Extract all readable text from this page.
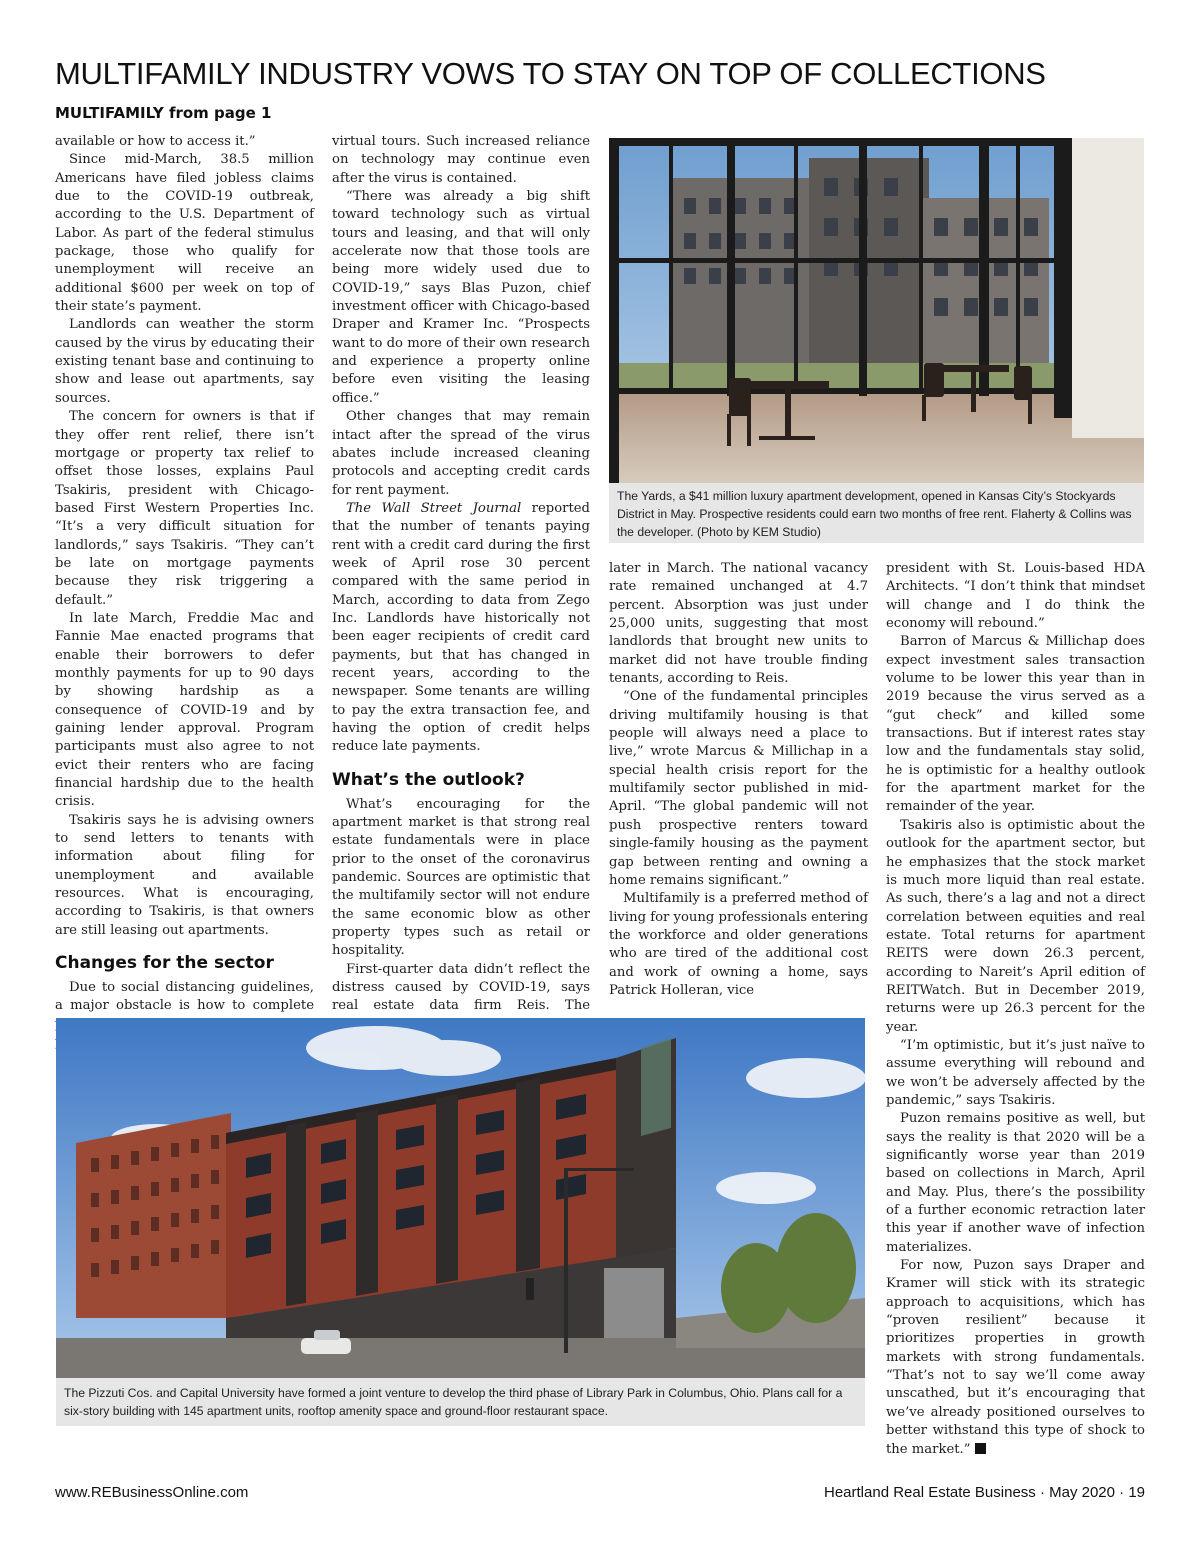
MULTIFAMILY INDUSTRY VOWS TO STAY ON TOP OF COLLECTIONS
MULTIFAMILY from page 1

available or how to access it.”

Since mid-March, 38.5 million Americans have filed jobless claims due to the COVID-19 outbreak, according to the U.S. Department of Labor. As part of the federal stimulus package, those who qualify for unemployment will receive an additional $600 per week on top of their state’s payment.

Landlords can weather the storm caused by the virus by educating their existing tenant base and continuing to show and lease out apartments, say sources.

The concern for owners is that if they offer rent relief, there isn’t mortgage or property tax relief to offset those losses, explains Paul Tsakiris, president with Chicago-based First Western Properties Inc. “It’s a very difficult situation for landlords,” says Tsakiris. “They can’t be late on mortgage payments because they risk triggering a default.”

In late March, Freddie Mac and Fannie Mae enacted programs that enable their borrowers to defer monthly payments for up to 90 days by showing hardship as a consequence of COVID-19 and by gaining lender approval. Program participants must also agree to not evict their renters who are facing financial hardship due to the health crisis.

Tsakiris says he is advising owners to send letters to tenants with information about filing for unemployment and available resources. What is encouraging, according to Tsakiris, is that owners are still leasing out apartments.

Changes for the sector

Due to social distancing guidelines, a major obstacle is how to complete

virtual tours. Such increased reliance on technology may continue even after the virus is contained.

“There was already a big shift toward technology such as virtual tours and leasing, and that will only accelerate now that those tools are being more widely used due to COVID-19,” says Blas Puzon, chief investment officer with Chicago-based Draper and Kramer Inc. “Prospects want to do more of their own research and experience a property online before even visiting the leasing office.”

Other changes that may remain intact after the spread of the virus abates include increased cleaning protocols and accepting credit cards for rent payment.

The Wall Street Journal reported that the number of tenants paying rent with a credit card during the first week of April rose 30 percent compared with the same period in March, according to data from Zego Inc. Landlords have historically not been eager recipients of credit card payments, but that has changed in recent years, according to the newspaper. Some tenants are willing to pay the extra transaction fee, and having the option of credit helps reduce late payments.

What’s the outlook?

What’s encouraging for the apartment market is that strong real estate fundamentals were in place prior to the onset of the coronavirus pandemic. Sources are optimistic that the multifamily sector will not endure the same economic blow as other property types such as retail or hospitality.

First-quarter data didn’t reflect the distress caused by COVID-19, says real estate data firm Reis. The

later in March. The national vacancy rate remained unchanged at 4.7 percent. Absorption was just under 25,000 units, suggesting that most landlords that brought new units to market did not have trouble finding tenants, according to Reis.

“One of the fundamental principles driving multifamily housing is that people will always need a place to live,” wrote Marcus & Millichap in a special health crisis report for the multifamily sector published in mid-April. “The global pandemic will not push prospective renters toward single-family housing as the payment gap between renting and owning a home remains significant.”

Multifamily is a preferred method of living for young professionals entering the workforce and older generations who are tired of the additional cost and work of owning a home, says Patrick Holleran, vice

president with St. Louis-based HDA Architects. “I don’t think that mindset will change and I do think the economy will rebound.”

Barron of Marcus & Millichap does expect investment sales transaction volume to be lower this year than in 2019 because the virus served as a “gut check” and killed some transactions. But if interest rates stay low and the fundamentals stay solid, he is optimistic for a healthy outlook for the apartment market for the remainder of the year.

Tsakiris also is optimistic about the outlook for the apartment sector, but he emphasizes that the stock market is much more liquid than real estate. As such, there’s a lag and not a direct correlation between equities and real estate. Total returns for apartment REITS were down 26.3 percent, according to Nareit’s April edition of REITWatch. But in December 2019, returns were up 26.3 percent for the year.

“I’m optimistic, but it’s just naïve to assume everything will rebound and we won’t be adversely affected by the pandemic,” says Tsakiris.

Puzon remains positive as well, but says the reality is that 2020 will be a significantly worse year than 2019 based on collections in March, April and May. Plus, there’s the possibility of a further economic retraction later this year if another wave of infection materializes.

For now, Puzon says Draper and Kramer will stick with its strategic approach to acquisitions, which has “proven resilient” because it prioritizes properties in growth markets with strong fundamentals. “That’s not to say we’ll come away unscathed, but it’s encouraging that we’ve already positioned ourselves to better withstand this type of shock to the market.”

The Yards, a $41 million luxury apartment development, opened in Kansas City’s Stockyards District in May. Prospective residents could earn two months of free rent. Flaherty & Collins was the developer. (Photo by KEM Studio)
The Pizzuti Cos. and Capital University have formed a joint venture to develop the third phase of Library Park in Columbus, Ohio. Plans call for a six-story building with 145 apartment units, rooftop amenity space and ground-floor restaurant space.
www.REBusinessOnline.com	Heartland Real Estate Business · May 2020 · 19
